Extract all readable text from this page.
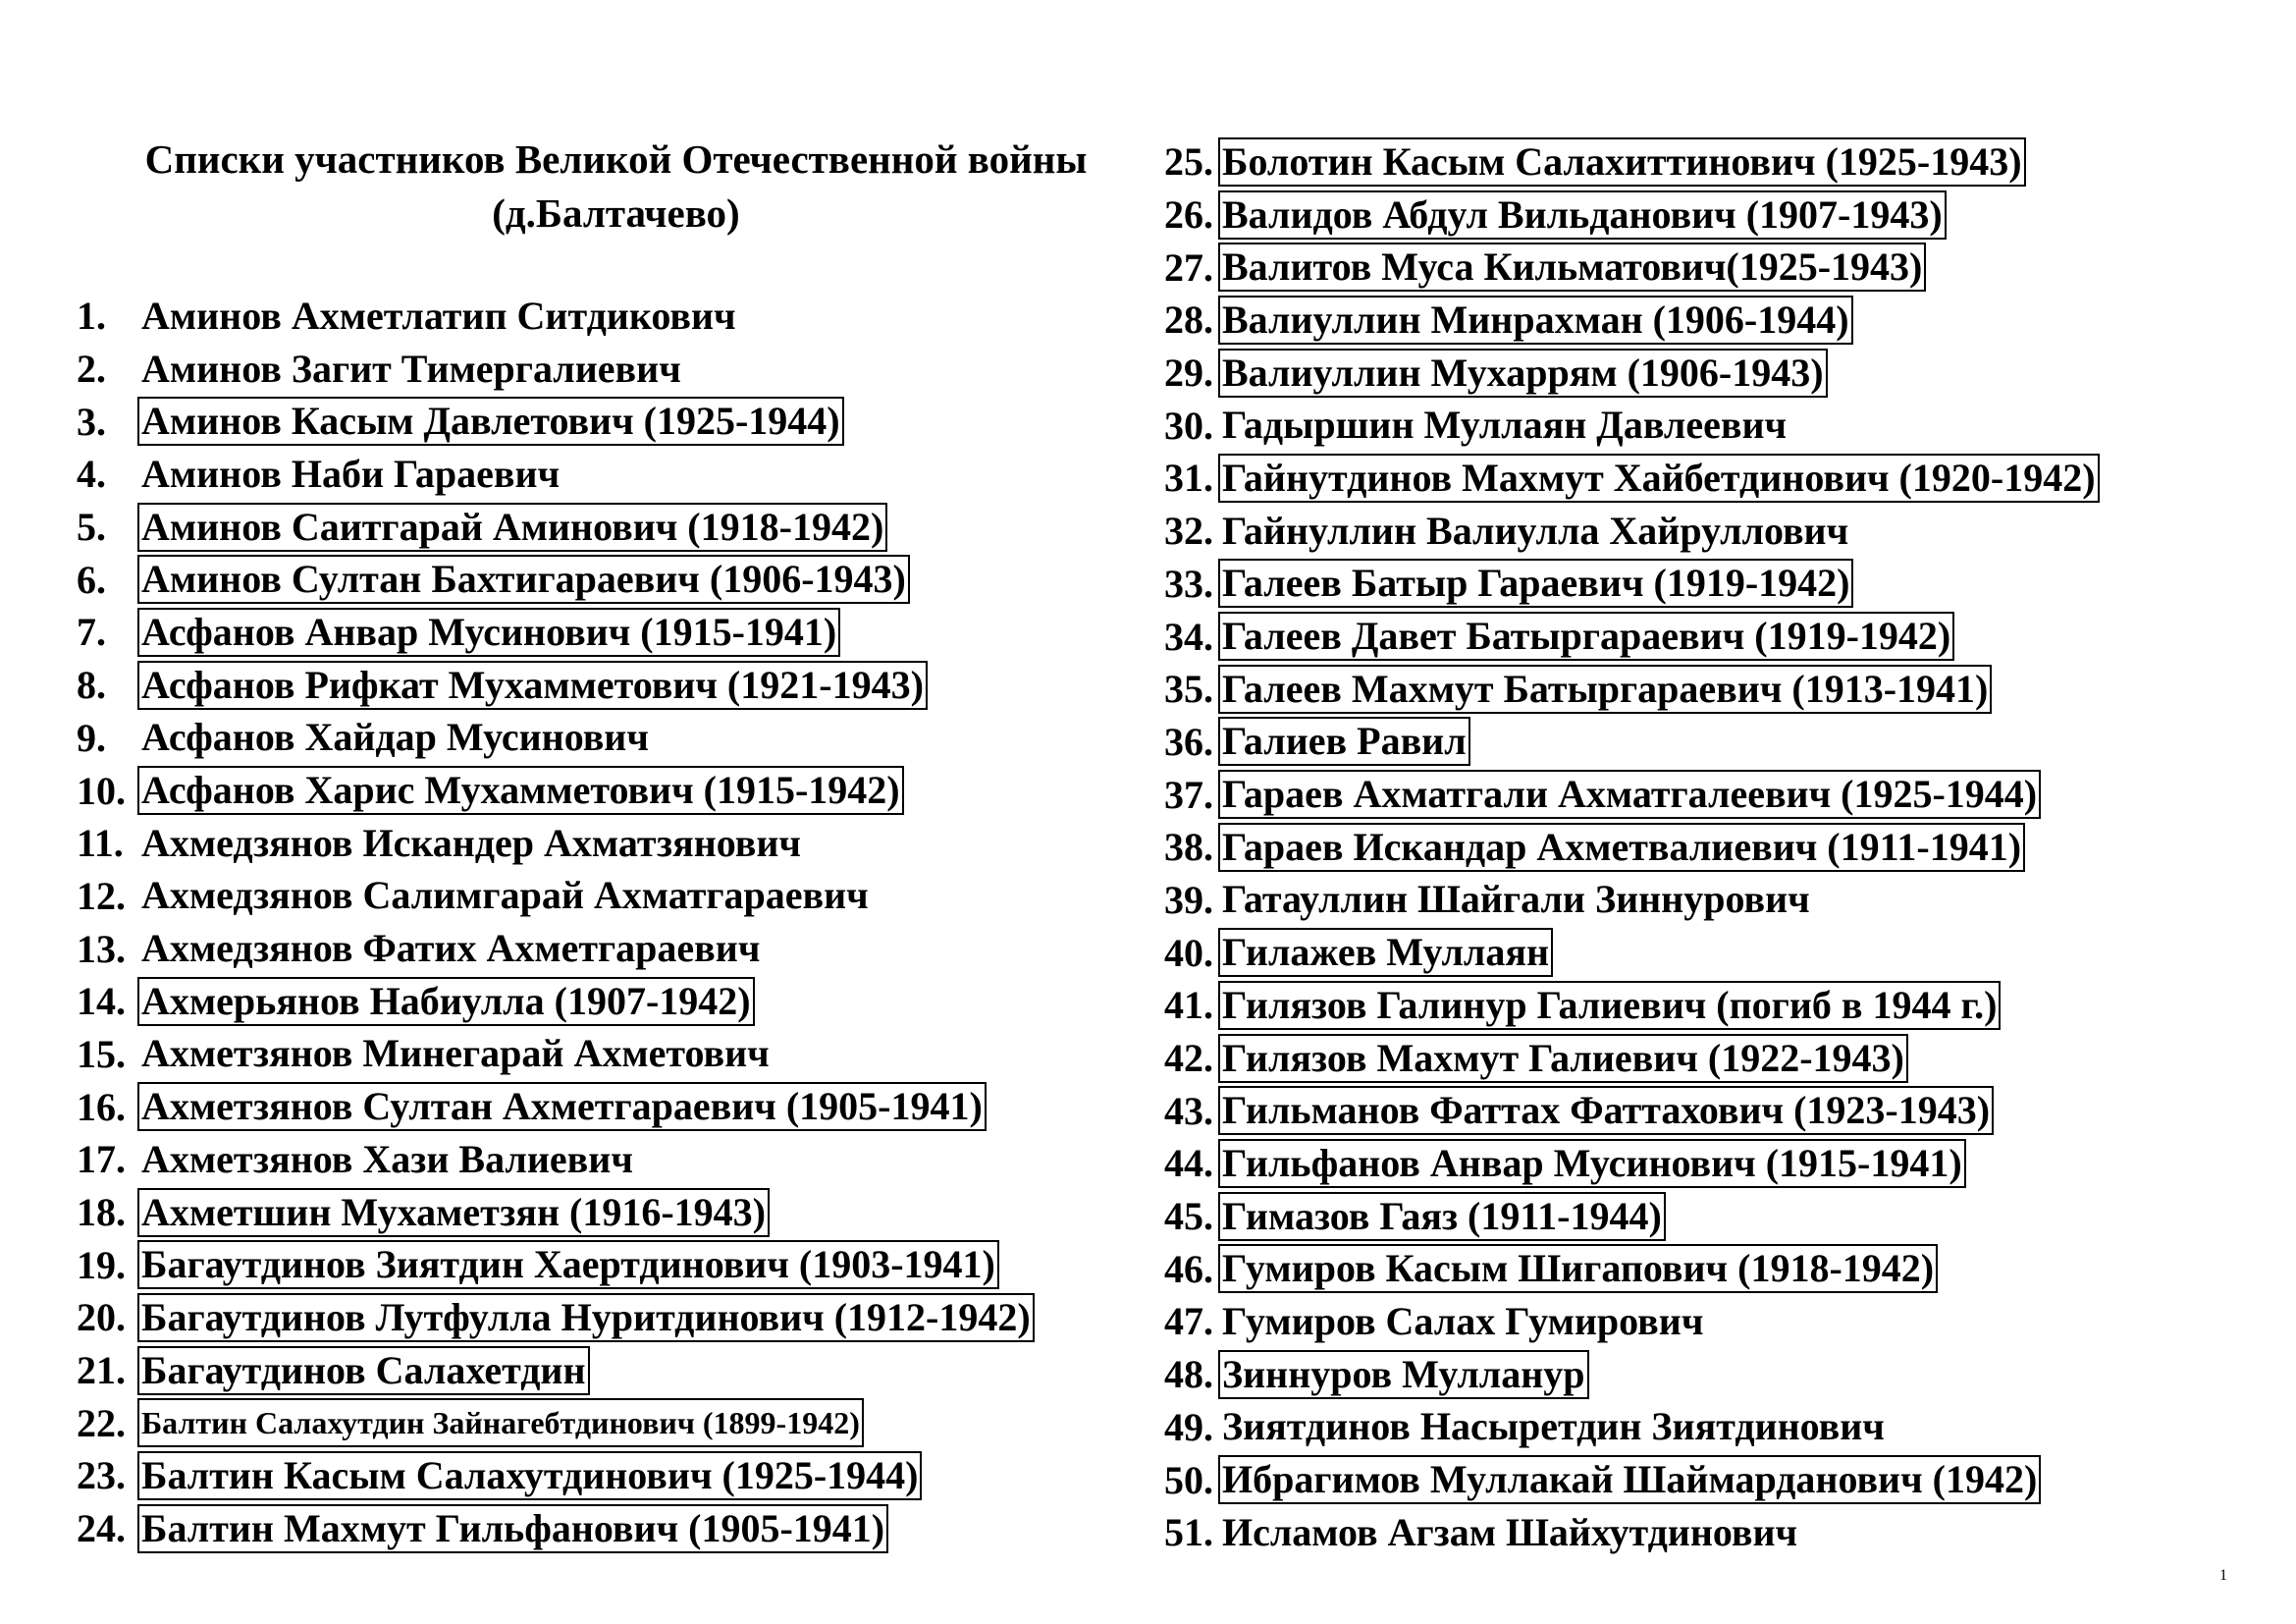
Списки участников Великой Отечественной войны
(д.Балтачево)
1. Аминов Ахметлатип Ситдикович
2. Аминов Загит Тимергалиевич
3. Аминов Касым Давлетович (1925-1944)
4. Аминов Наби Гараевич
5. Аминов Саитгарай Аминович (1918-1942)
6. Аминов Султан Бахтигараевич (1906-1943)
7. Асфанов Анвар Мусинович (1915-1941)
8. Асфанов Рифкат Мухамметович (1921-1943)
9. Асфанов Хайдар Мусинович
10. Асфанов Харис Мухамметович (1915-1942)
11. Ахмедзянов Искандер Ахматзянович
12. Ахмедзянов Салимгарай Ахматгараевич
13. Ахмедзянов Фатих Ахметгараевич
14. Ахмерьянов Набиулла (1907-1942)
15. Ахметзянов Минегарай Ахметович
16. Ахметзянов Султан Ахметгараевич (1905-1941)
17. Ахметзянов Хази Валиевич
18. Ахметшин Мухаметзян (1916-1943)
19. Багаутдинов Зиятдин Хаертдинович (1903-1941)
20. Багаутдинов Лутфулла Нуритдинович (1912-1942)
21. Багаутдинов Салахетдин
22. Балтин Салахутдин Зайнагебтдинович (1899-1942)
23. Балтин Касым Салахутдинович (1925-1944)
24. Балтин Махмут Гильфанович (1905-1941)
25. Болотин Касым Салахиттинович (1925-1943)
26. Валидов Абдул Вильданович (1907-1943)
27. Валитов Муса Кильматович(1925-1943)
28. Валиуллин Минрахман (1906-1944)
29. Валиуллин Мухаррям (1906-1943)
30. Гадыршин Муллаян Давлеевич
31. Гайнутдинов Махмут Хайбетдинович (1920-1942)
32. Гайнуллин Валиулла Хайруллович
33. Галеев Батыр Гараевич (1919-1942)
34. Галеев Давет Батыргараевич (1919-1942)
35. Галеев Махмут Батыргараевич (1913-1941)
36. Галиев Равил
37. Гараев Ахматгали Ахматгалеевич (1925-1944)
38. Гараев Искандар Ахметвалиевич (1911-1941)
39. Гатауллин Шайгали Зиннурович
40. Гилажев Муллаян
41. Гилязов Галинур Галиевич (погиб в 1944 г.)
42. Гилязов Махмут Галиевич (1922-1943)
43. Гильманов Фаттах Фаттахович (1923-1943)
44. Гильфанов Анвар Мусинович (1915-1941)
45. Гимазов Гаяз (1911-1944)
46. Гумиров Касым Шигапович (1918-1942)
47. Гумиров Салах Гумирович
48. Зиннуров Мулланур
49. Зиятдинов Насыретдин Зиятдинович
50. Ибрагимов Муллакай Шаймарданович (1942)
51. Исламов Агзам Шайхутдинович
1
